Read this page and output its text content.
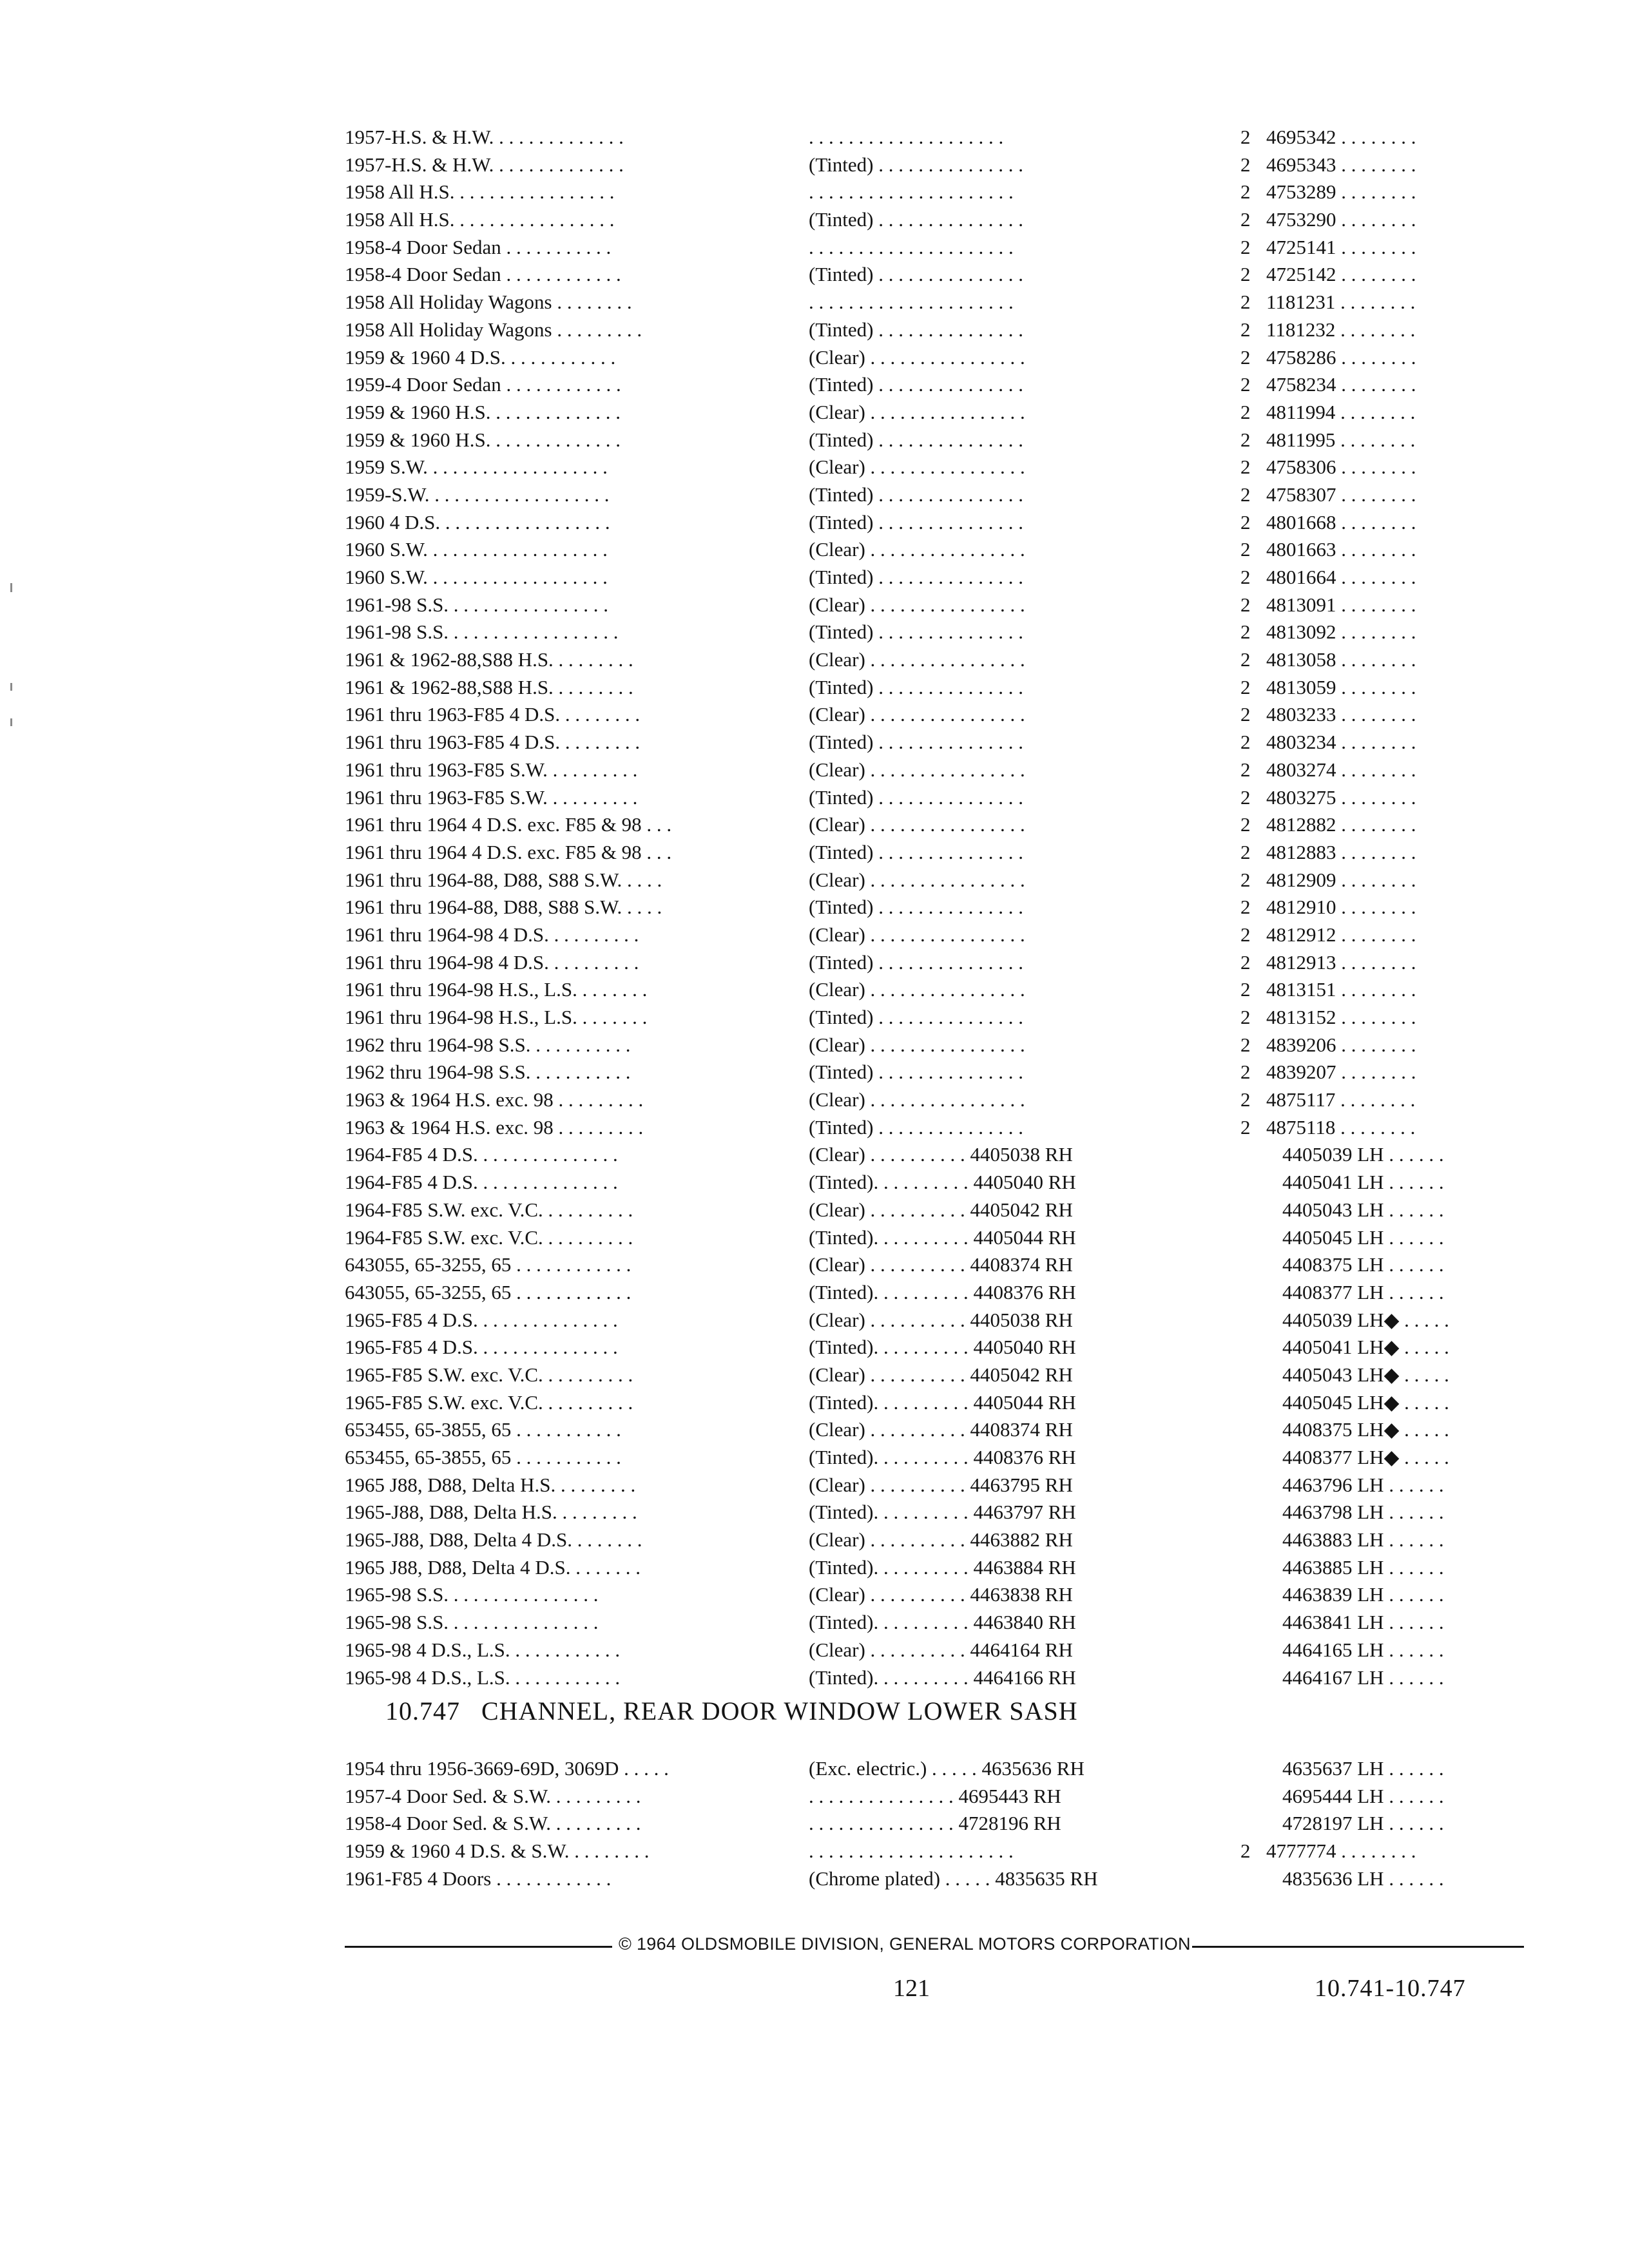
1957-H.S. & H.W. . . . . . . . . . . . . .	. . . . . . . . . . . . . . . . . . . .	2 4695342 . . . . . . . .
1957-H.S. & H.W. . . . . . . . . . . . . .	(Tinted) . . . . . . . . . . . . . . .	2 4695343 . . . . . . . .
1958 All H.S. . . . . . . . . . . . . . . . .	. . . . . . . . . . . . . . . . . . . . .	2 4753289 . . . . . . . .
1958 All H.S. . . . . . . . . . . . . . . . .	(Tinted) . . . . . . . . . . . . . . .	2 4753290 . . . . . . . .
1958-4 Door Sedan . . . . . . . . . . .	. . . . . . . . . . . . . . . . . . . . .	2 4725141 . . . . . . . .
1958-4 Door Sedan . . . . . . . . . . . .	(Tinted) . . . . . . . . . . . . . . .	2 4725142 . . . . . . . .
1958 All Holiday Wagons . . . . . . . .	. . . . . . . . . . . . . . . . . . . . .	2 1181231 . . . . . . . .
1958 All Holiday Wagons . . . . . . . . .	(Tinted) . . . . . . . . . . . . . . .	2 1181232 . . . . . . . .
1959 & 1960 4 D.S. . . . . . . . . . . .	(Clear) . . . . . . . . . . . . . . . .	2 4758286 . . . . . . . .
1959-4 Door Sedan . . . . . . . . . . . .	(Tinted) . . . . . . . . . . . . . . .	2 4758234 . . . . . . . .
1959 & 1960 H.S. . . . . . . . . . . . . .	(Clear) . . . . . . . . . . . . . . . .	2 4811994 . . . . . . . .
1959 & 1960 H.S. . . . . . . . . . . . . .	(Tinted) . . . . . . . . . . . . . . .	2 4811995 . . . . . . . .
1959 S.W. . . . . . . . . . . . . . . . . . .	(Clear) . . . . . . . . . . . . . . . .	2 4758306 . . . . . . . .
1959-S.W. . . . . . . . . . . . . . . . . . .	(Tinted) . . . . . . . . . . . . . . .	2 4758307 . . . . . . . .
1960 4 D.S. . . . . . . . . . . . . . . . . .	(Tinted) . . . . . . . . . . . . . . .	2 4801668 . . . . . . . .
1960 S.W. . . . . . . . . . . . . . . . . . .	(Clear) . . . . . . . . . . . . . . . .	2 4801663 . . . . . . . .
1960 S.W. . . . . . . . . . . . . . . . . . .	(Tinted) . . . . . . . . . . . . . . .	2 4801664 . . . . . . . .
1961-98 S.S. . . . . . . . . . . . . . . . .	(Clear) . . . . . . . . . . . . . . . .	2 4813091 . . . . . . . .
1961-98 S.S. . . . . . . . . . . . . . . . . .	(Tinted) . . . . . . . . . . . . . . .	2 4813092 . . . . . . . .
1961 & 1962-88,S88 H.S. . . . . . . . .	(Clear) . . . . . . . . . . . . . . . .	2 4813058 . . . . . . . .
1961 & 1962-88,S88 H.S. . . . . . . . .	(Tinted) . . . . . . . . . . . . . . .	2 4813059 . . . . . . . .
1961 thru 1963-F85 4 D.S. . . . . . . . .	(Clear) . . . . . . . . . . . . . . . .	2 4803233 . . . . . . . .
1961 thru 1963-F85 4 D.S. . . . . . . . .	(Tinted) . . . . . . . . . . . . . . .	2 4803234 . . . . . . . .
1961 thru 1963-F85 S.W. . . . . . . . . .	(Clear) . . . . . . . . . . . . . . . .	2 4803274 . . . . . . . .
1961 thru 1963-F85 S.W. . . . . . . . . .	(Tinted) . . . . . . . . . . . . . . .	2 4803275 . . . . . . . .
1961 thru 1964 4 D.S. exc. F85 & 98 . . .	(Clear) . . . . . . . . . . . . . . . .	2 4812882 . . . . . . . .
1961 thru 1964 4 D.S. exc. F85 & 98 . . .	(Tinted) . . . . . . . . . . . . . . .	2 4812883 . . . . . . . .
1961 thru 1964-88, D88, S88 S.W. . . . .	(Clear) . . . . . . . . . . . . . . . .	2 4812909 . . . . . . . .
1961 thru 1964-88, D88, S88 S.W. . . . .	(Tinted) . . . . . . . . . . . . . . .	2 4812910 . . . . . . . .
1961 thru 1964-98 4 D.S. . . . . . . . . .	(Clear) . . . . . . . . . . . . . . . .	2 4812912 . . . . . . . .
1961 thru 1964-98 4 D.S. . . . . . . . . .	(Tinted) . . . . . . . . . . . . . . .	2 4812913 . . . . . . . .
1961 thru 1964-98 H.S., L.S. . . . . . . .	(Clear) . . . . . . . . . . . . . . . .	2 4813151 . . . . . . . .
1961 thru 1964-98 H.S., L.S. . . . . . . .	(Tinted) . . . . . . . . . . . . . . .	2 4813152 . . . . . . . .
1962 thru 1964-98 S.S. . . . . . . . . . .	(Clear) . . . . . . . . . . . . . . . .	2 4839206 . . . . . . . .
1962 thru 1964-98 S.S. . . . . . . . . . .	(Tinted) . . . . . . . . . . . . . . .	2 4839207 . . . . . . . .
1963 & 1964 H.S. exc. 98 . . . . . . . . .	(Clear) . . . . . . . . . . . . . . . .	2 4875117 . . . . . . . .
1963 & 1964 H.S. exc. 98 . . . . . . . . .	(Tinted) . . . . . . . . . . . . . . .	2 4875118 . . . . . . . .
1964-F85 4 D.S. . . . . . . . . . . . . . .	(Clear) . . . . . . . . . . 4405038 RH	4405039 LH . . . . . .
1964-F85 4 D.S. . . . . . . . . . . . . . .	(Tinted). . . . . . . . . . 4405040 RH	4405041 LH . . . . . .
1964-F85 S.W. exc. V.C. . . . . . . . . .	(Clear) . . . . . . . . . . 4405042 RH	4405043 LH . . . . . .
1964-F85 S.W. exc. V.C. . . . . . . . . .	(Tinted). . . . . . . . . . 4405044 RH	4405045 LH . . . . . .
643055, 65-3255, 65 . . . . . . . . . . . .	(Clear) . . . . . . . . . . 4408374 RH	4408375 LH . . . . . .
643055, 65-3255, 65 . . . . . . . . . . . .	(Tinted). . . . . . . . . . 4408376 RH	4408377 LH . . . . . .
1965-F85 4 D.S. . . . . . . . . . . . . . .	(Clear) . . . . . . . . . . 4405038 RH	4405039 LH◆ . . . . .
1965-F85 4 D.S. . . . . . . . . . . . . . .	(Tinted). . . . . . . . . . 4405040 RH	4405041 LH◆ . . . . .
1965-F85 S.W. exc. V.C. . . . . . . . . .	(Clear) . . . . . . . . . . 4405042 RH	4405043 LH◆ . . . . .
1965-F85 S.W. exc. V.C. . . . . . . . . .	(Tinted). . . . . . . . . . 4405044 RH	4405045 LH◆ . . . . .
653455, 65-3855, 65 . . . . . . . . . . .	(Clear) . . . . . . . . . . 4408374 RH	4408375 LH◆ . . . . .
653455, 65-3855, 65 . . . . . . . . . . .	(Tinted). . . . . . . . . . 4408376 RH	4408377 LH◆ . . . . .
1965 J88, D88, Delta H.S. . . . . . . . .	(Clear) . . . . . . . . . . 4463795 RH	4463796 LH . . . . . .
1965-J88, D88, Delta H.S. . . . . . . . .	(Tinted). . . . . . . . . . 4463797 RH	4463798 LH . . . . . .
1965-J88, D88, Delta 4 D.S. . . . . . . .	(Clear) . . . . . . . . . . 4463882 RH	4463883 LH . . . . . .
1965 J88, D88, Delta 4 D.S. . . . . . . .	(Tinted). . . . . . . . . . 4463884 RH	4463885 LH . . . . . .
1965-98 S.S. . . . . . . . . . . . . . . .	(Clear) . . . . . . . . . . 4463838 RH	4463839 LH . . . . . .
1965-98 S.S. . . . . . . . . . . . . . . .	(Tinted). . . . . . . . . . 4463840 RH	4463841 LH . . . . . .
1965-98 4 D.S., L.S. . . . . . . . . . . .	(Clear) . . . . . . . . . . 4464164 RH	4464165 LH . . . . . .
1965-98 4 D.S., L.S. . . . . . . . . . . .	(Tinted). . . . . . . . . . 4464166 RH	4464167 LH . . . . . .
10.747 CHANNEL, REAR DOOR WINDOW LOWER SASH
1954 thru 1956-3669-69D, 3069D . . . . .	(Exc. electric.) . . . . . 4635636 RH	4635637 LH . . . . . .
1957-4 Door Sed. & S.W. . . . . . . . . .	. . . . . . . . . . . . . . . 4695443 RH	4695444 LH . . . . . .
1958-4 Door Sed. & S.W. . . . . . . . . .	. . . . . . . . . . . . . . . 4728196 RH	4728197 LH . . . . . .
1959 & 1960 4 D.S. & S.W. . . . . . . . .	. . . . . . . . . . . . . . . . . . . . .	2 4777774 . . . . . . . .
1961-F85 4 Doors . . . . . . . . . . . .	(Chrome plated) . . . . . 4835635 RH	4835636 LH . . . . . .
© 1964 OLDSMOBILE DIVISION, GENERAL MOTORS CORPORATION
121	10.741-10.747
